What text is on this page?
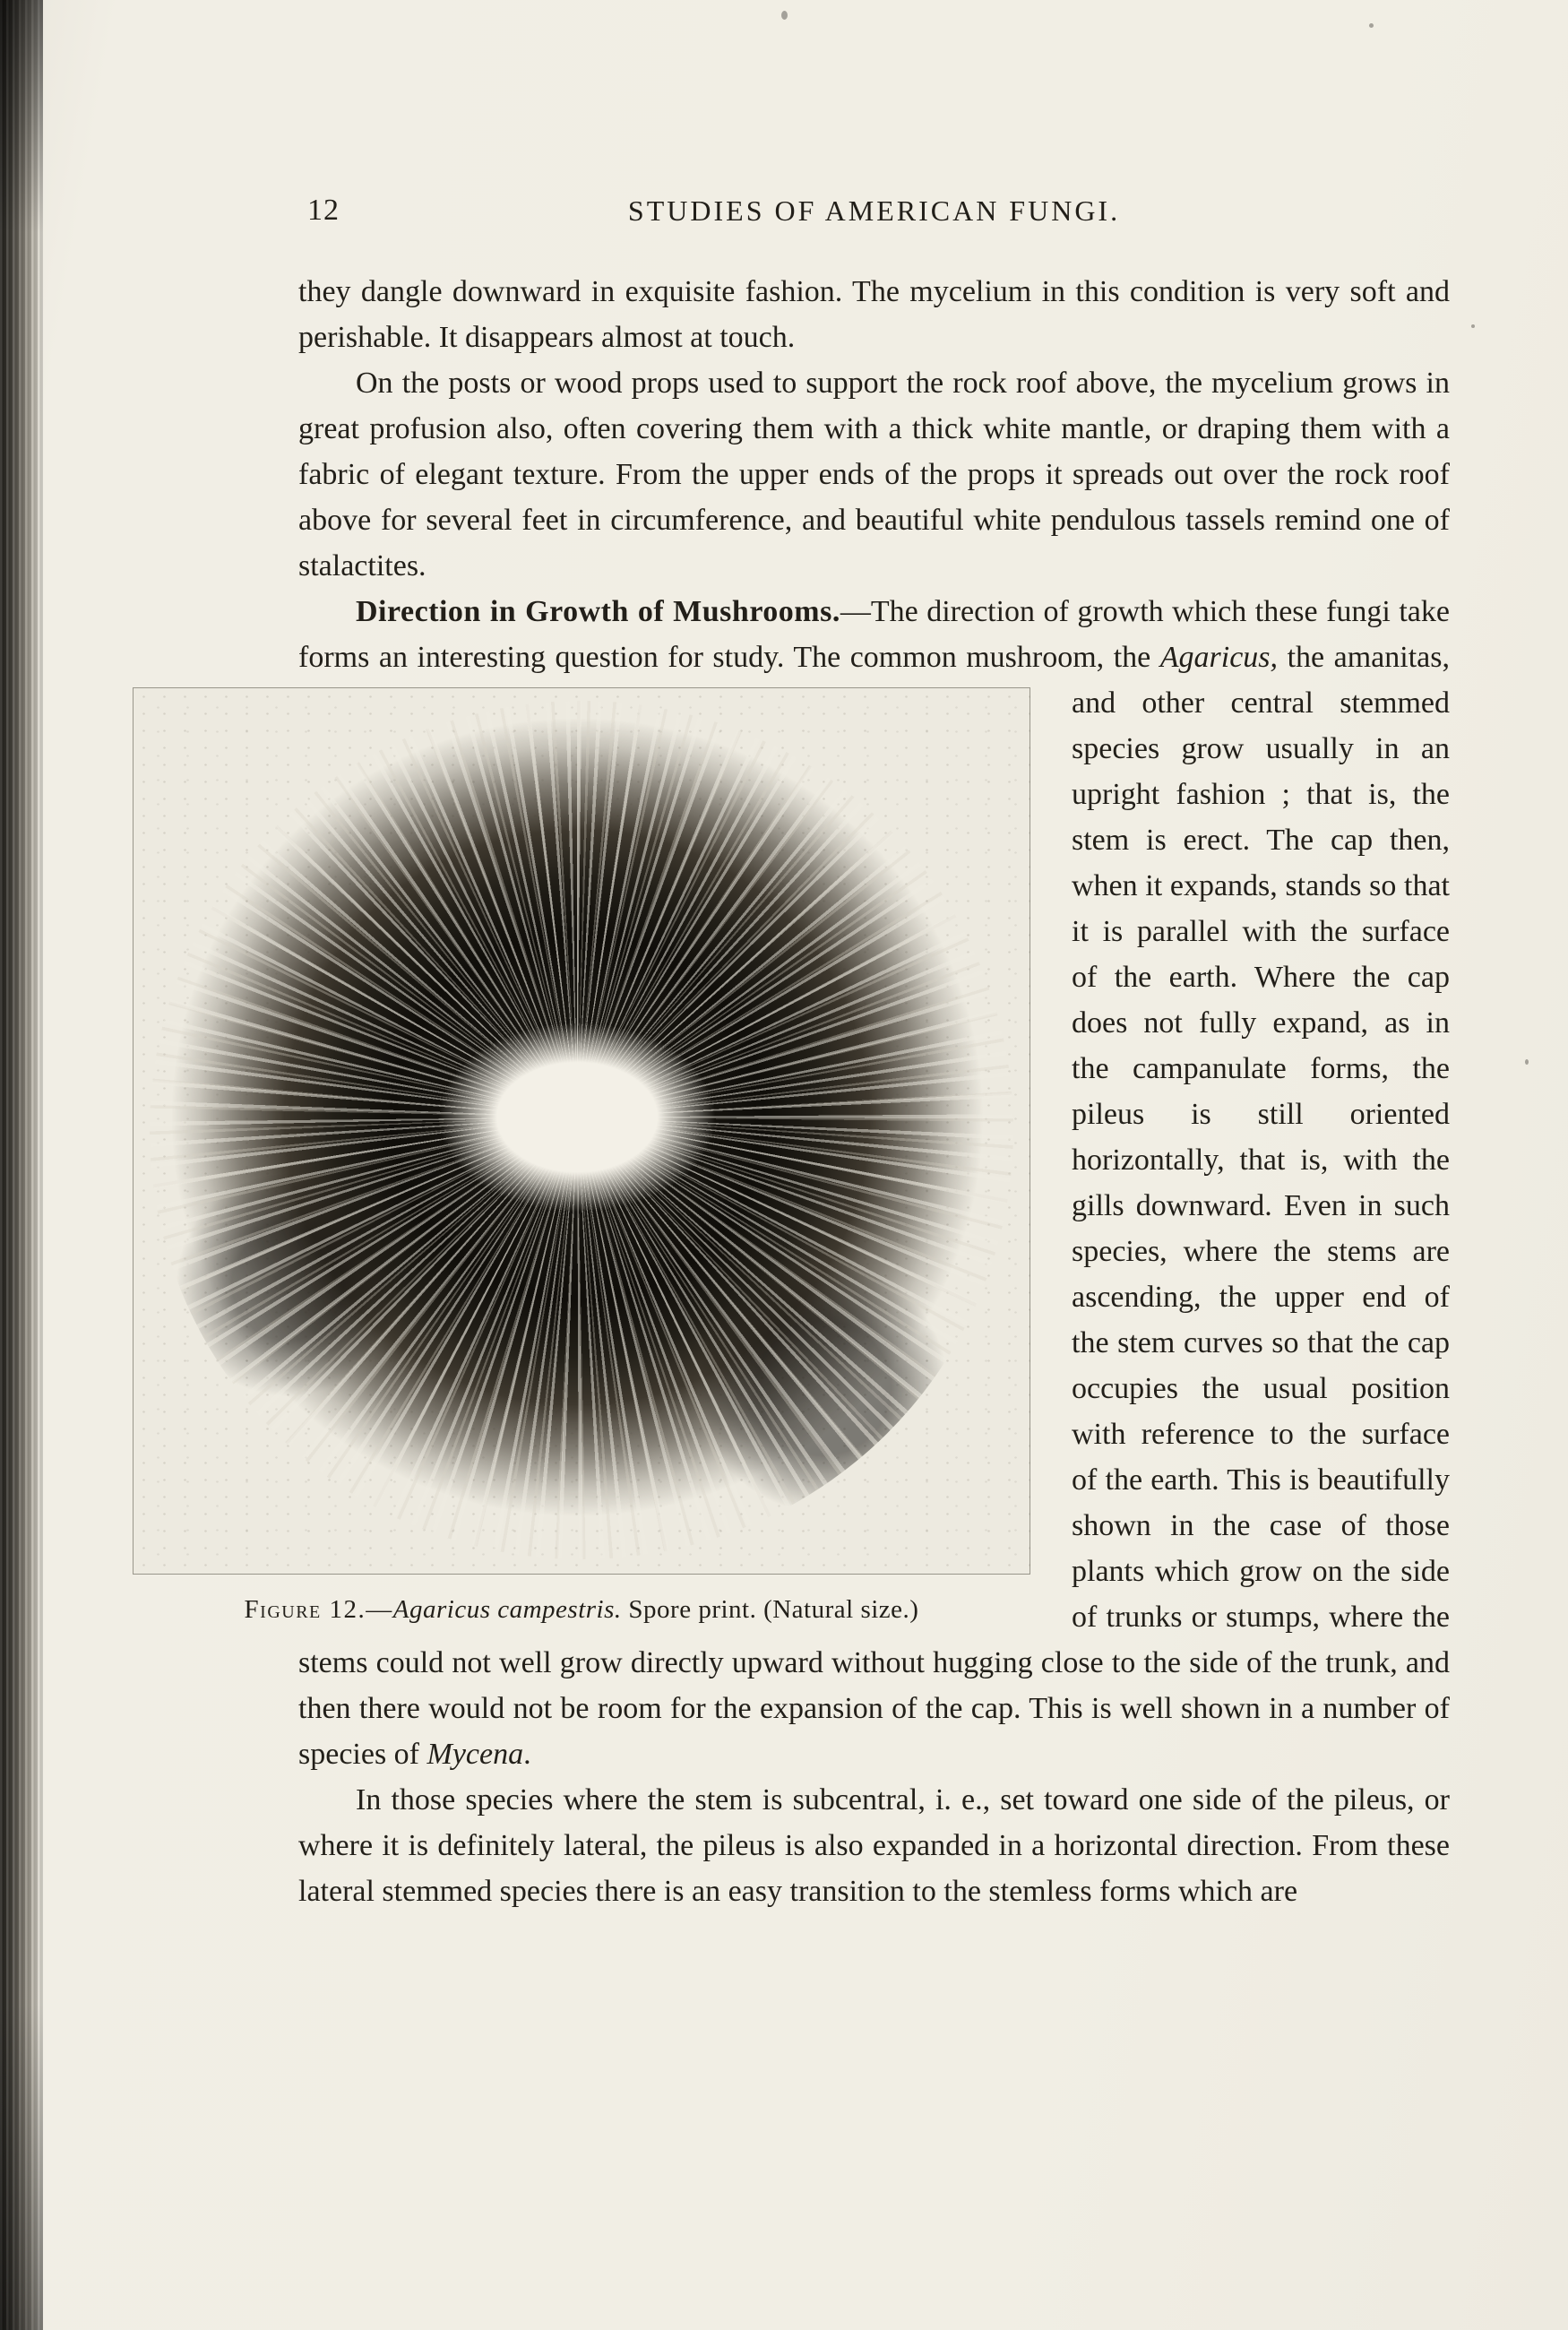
12	STUDIES OF AMERICAN FUNGI.

they dangle downward in exquisite fashion. The mycelium in this condition is very soft and perishable. It disappears almost at touch.

On the posts or wood props used to support the rock roof above, the mycelium grows in great profusion also, often covering them with a thick white mantle, or draping them with a fabric of elegant texture. From the upper ends of the props it spreads out over the rock roof above for several feet in circumference, and beautiful white pendulous tassels remind one of stalactites.

Direction in Growth of Mushrooms.—The direction of growth which these fungi take forms an interesting question for study. The common mushroom, the
Figure 12.—Agaricus campestris. Spore print. (Natural size.)
Agaricus, the amanitas, and other central stemmed species grow usually in an upright fashion ; that is, the stem is erect. The cap then, when it expands, stands so that it is parallel with the surface of the earth. Where the cap does not fully expand, as in the campanulate forms, the pileus is still oriented horizontally, that is, with the gills downward. Even in such species, where the stems are ascending, the upper end of the stem curves so that the cap occupies the usual position with reference to the surface of the earth. This is beautifully shown in the case of those plants which grow on the side of trunks or stumps, where the stems could not well grow directly upward without hugging close to the side of the trunk, and then there would not be room for the expansion of the cap. This is well shown in a number of species of Mycena.

In those species where the stem is subcentral, i. e., set toward one side of the pileus, or where it is definitely lateral, the pileus is also expanded in a horizontal direction. From these lateral stemmed species there is an easy transition to the stemless forms which are
